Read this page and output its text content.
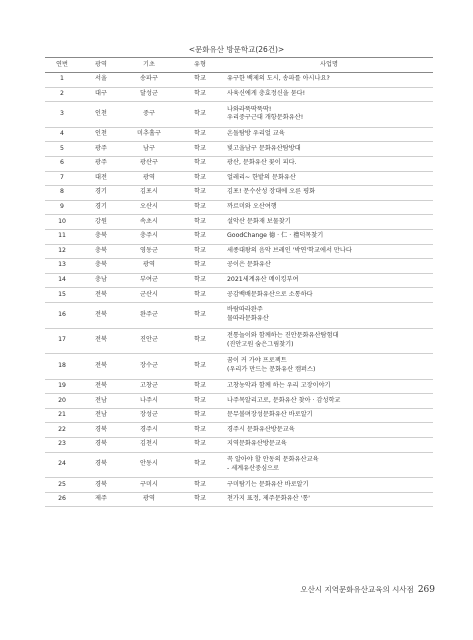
<문화유산 방문학교(26건)>
연번	광역	기초	유형	사업명
1	서울	송파구	학교	유구한 백제의 도시, 송파를 아시나요?

2	대구	달성군	학교	사육신에게 충효정신을 묻다!

3	인천	중구	학교	나와라뚝딱뚝딱!
우리중구근대 개항문화유산!

4	인천	미추홀구	학교	온돌탐방 우리얼 교육

5	광주	남구	학교	빛고을남구 문화유산탐방대

6	광주	광산구	학교	광산, 문화유산 꽃이 피다.

7	대전	광역	학교	얼레리~ 한밭의 문화유산

8	경기	김포시	학교	김포! 문수산성 장대에 오른 평화

9	경기	오산시	학교	까르미와 오산여행

10	강원	속초시	학교	설악산 문화재 보물찾기

11	충북	충주시	학교	GoodChange 德 · 仁 · 禮덕목찾기

12	충북	영동군	학교	세종대왕의 음악 브레인 '박연'학교에서 만나다

13	충북	광역	학교	공이은 문화유산

14	충남	부여군	학교	2021세계유산 메이킹부여

15	전북	군산시	학교	공감백배문화유산으로 소통하다

16	전북	완주군	학교	바람따라완주
물따라문화유산

17	전북	진안군	학교	전통놀이와 함께하는 진안문화유산탐험대
(진안고원 숨은그림찾기)

18	전북	장수군	학교	꿈이 커 가야 프로젝트
(우리가 만드는 문화유산 캠퍼스)

19	전북	고창군	학교	고창농악과 함께 하는 우리 고장이야기

20	전남	나주시	학교	나주목알리고로, 문화유산 찾아 · 감성학교

21	전남	장성군	학교	문무볼며장성문화유산 바로알기

22	경북	경주시	학교	경주시 문화유산방문교육

23	경북	김천시	학교	지역문화유산방문교육

24	경북	안동시	학교	꼭 알아야 할 안동의 문화유산교육
- 세계유산중심으로

25	경북	구미시	학교	구미탐기는 문화유산 바로알기

26	제주	광역	학교	천가지 표정, 제주문화유산 '통'
오산시 지역문화유산교육의 시사점 269
